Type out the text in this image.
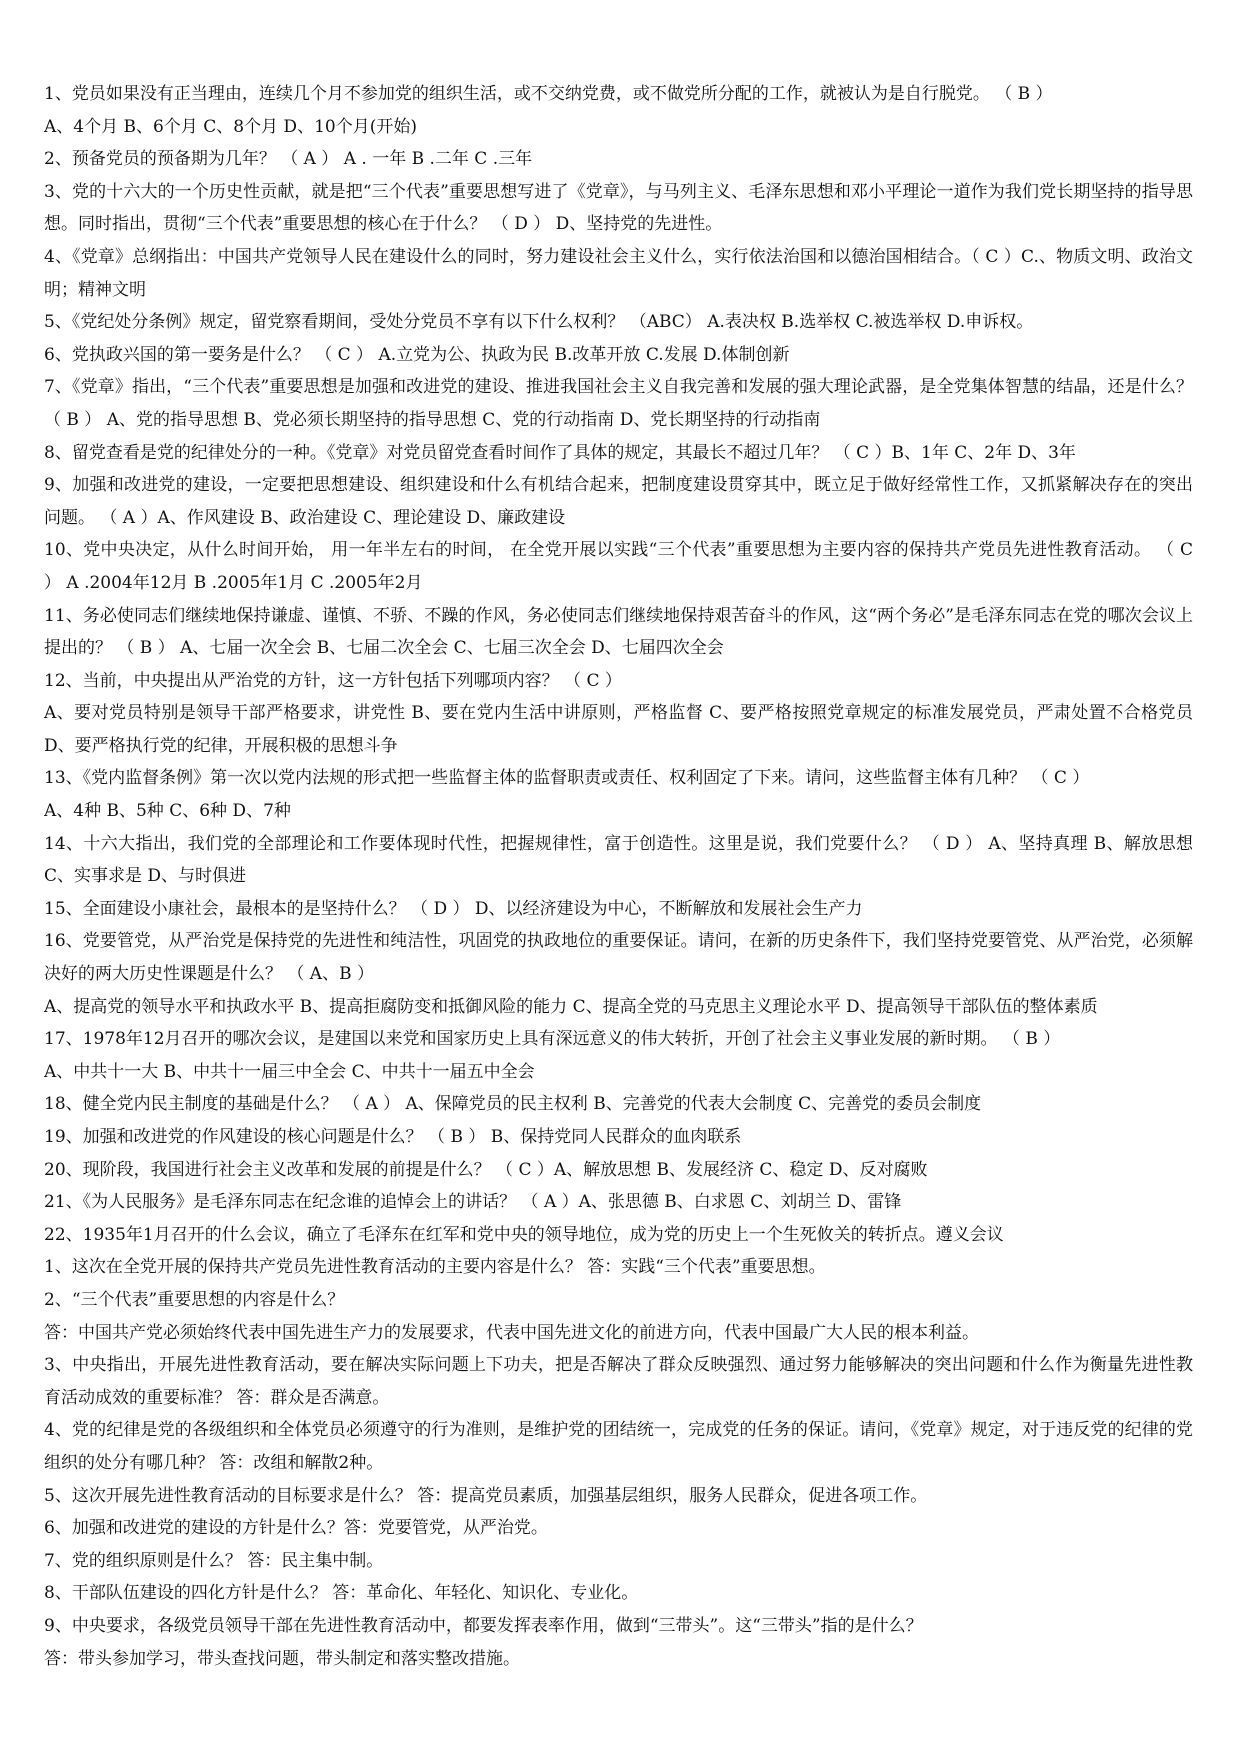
1、党员如果没有正当理由，连续几个月不参加党的组织生活，或不交纳党费，或不做党所分配的工作，就被认为是自行脱党。 （ B ）
A、4个月 B、6个月 C、8个月 D、10个月(开始)
2、预备党员的预备期为几年？ （ A ） A . 一年 B .二年 C .三年
3、党的十六大的一个历史性贡献，就是把“三个代表”重要思想写进了《党章》，与马列主义、毛泽东思想和邓小平理论一道作为我们党长期坚持的指导思想。同时指出，贯彻“三个代表”重要思想的核心在于什么？ （ D ） D、坚持党的先进性。
4、《党章》总纲指出：中国共产党领导人民在建设什么的同时，努力建设社会主义什么，实行依法治国和以德治国相结合。（ C ）C.、物质文明、政治文明；精神文明
5、《党纪处分条例》规定，留党察看期间，受处分党员不享有以下什么权利？ （ABC） A.表决权 B.选举权 C.被选举权 D.申诉权。
6、党执政兴国的第一要务是什么？ （ C ） A.立党为公、执政为民 B.改革开放 C.发展 D.体制创新
7、《党章》指出，“三个代表”重要思想是加强和改进党的建设、推进我国社会主义自我完善和发展的强大理论武器，是全党集体智慧的结晶，还是什么？ （ B ） A、党的指导思想 B、党必须长期坚持的指导思想 C、党的行动指南 D、党长期坚持的行动指南
8、留党查看是党的纪律处分的一种。《党章》对党员留党查看时间作了具体的规定，其最长不超过几年？ （ C ）B、1年 C、2年 D、3年
9、加强和改进党的建设，一定要把思想建设、组织建设和什么有机结合起来，把制度建设贯穿其中，既立足于做好经常性工作，又抓紧解决存在的突出问题。 （ A ）A、作风建设 B、政治建设 C、理论建设 D、廉政建设
10、党中央决定，从什么时间开始， 用一年半左右的时间， 在全党开展以实践“三个代表”重要思想为主要内容的保持共产党员先进性教育活动。 （ C ） A .2004年12月 B .2005年1月 C .2005年2月
11、务必使同志们继续地保持谦虚、谨慎、不骄、不躁的作风，务必使同志们继续地保持艰苦奋斗的作风，这“两个务必”是毛泽东同志在党的哪次会议上提出的？ （ B ） A、七届一次全会 B、七届二次全会 C、七届三次全会 D、七届四次全会
12、当前，中央提出从严治党的方针，这一方针包括下列哪项内容？ （ C ）
A、要对党员特别是领导干部严格要求，讲党性 B、要在党内生活中讲原则，严格监督 C、要严格按照党章规定的标准发展党员，严肃处置不合格党员 D、要严格执行党的纪律，开展积极的思想斗争
13、《党内监督条例》第一次以党内法规的形式把一些监督主体的监督职责或责任、权利固定了下来。请问，这些监督主体有几种？ （ C ）
A、4种 B、5种 C、6种 D、7种
14、十六大指出，我们党的全部理论和工作要体现时代性，把握规律性，富于创造性。这里是说，我们党要什么？ （ D ） A、坚持真理 B、解放思想 C、实事求是 D、与时俱进
15、全面建设小康社会，最根本的是坚持什么？ （ D ） D、以经济建设为中心，不断解放和发展社会生产力
16、党要管党，从严治党是保持党的先进性和纯洁性，巩固党的执政地位的重要保证。请问，在新的历史条件下，我们坚持党要管党、从严治党，必须解决好的两大历史性课题是什么？ （ A、B ）
A、提高党的领导水平和执政水平 B、提高拒腐防变和抵御风险的能力 C、提高全党的马克思主义理论水平 D、提高领导干部队伍的整体素质
17、1978年12月召开的哪次会议，是建国以来党和国家历史上具有深远意义的伟大转折，开创了社会主义事业发展的新时期。 （ B ）
A、中共十一大 B、中共十一届三中全会 C、中共十一届五中全会
18、健全党内民主制度的基础是什么？ （ A ） A、保障党员的民主权利 B、完善党的代表大会制度 C、完善党的委员会制度
19、加强和改进党的作风建设的核心问题是什么？ （ B ） B、保持党同人民群众的血肉联系
20、现阶段，我国进行社会主义改革和发展的前提是什么？ （ C ）A、解放思想 B、发展经济 C、稳定 D、反对腐败
21、《为人民服务》是毛泽东同志在纪念谁的追悼会上的讲话？ （ A ）A、张思德 B、白求恩 C、刘胡兰 D、雷锋
22、1935年1月召开的什么会议，确立了毛泽东在红军和党中央的领导地位，成为党的历史上一个生死攸关的转折点。遵义会议
1、这次在全党开展的保持共产党员先进性教育活动的主要内容是什么？ 答：实践“三个代表”重要思想。
2、“三个代表”重要思想的内容是什么？
答：中国共产党必须始终代表中国先进生产力的发展要求，代表中国先进文化的前进方向，代表中国最广大人民的根本利益。
3、中央指出，开展先进性教育活动，要在解决实际问题上下功夫，把是否解决了群众反映强烈、通过努力能够解决的突出问题和什么作为衡量先进性教育活动成效的重要标准？ 答：群众是否满意。
4、党的纪律是党的各级组织和全体党员必须遵守的行为准则，是维护党的团结统一，完成党的任务的保证。请问，《党章》规定，对于违反党的纪律的党组织的处分有哪几种？ 答：改组和解散2种。
5、这次开展先进性教育活动的目标要求是什么？ 答：提高党员素质，加强基层组织，服务人民群众，促进各项工作。
6、加强和改进党的建设的方针是什么？答：党要管党，从严治党。
7、党的组织原则是什么？ 答：民主集中制。
8、干部队伍建设的四化方针是什么？ 答：革命化、年轻化、知识化、专业化。
9、中央要求，各级党员领导干部在先进性教育活动中，都要发挥表率作用，做到“三带头”。这“三带头”指的是什么？
答：带头参加学习，带头查找问题，带头制定和落实整改措施。
